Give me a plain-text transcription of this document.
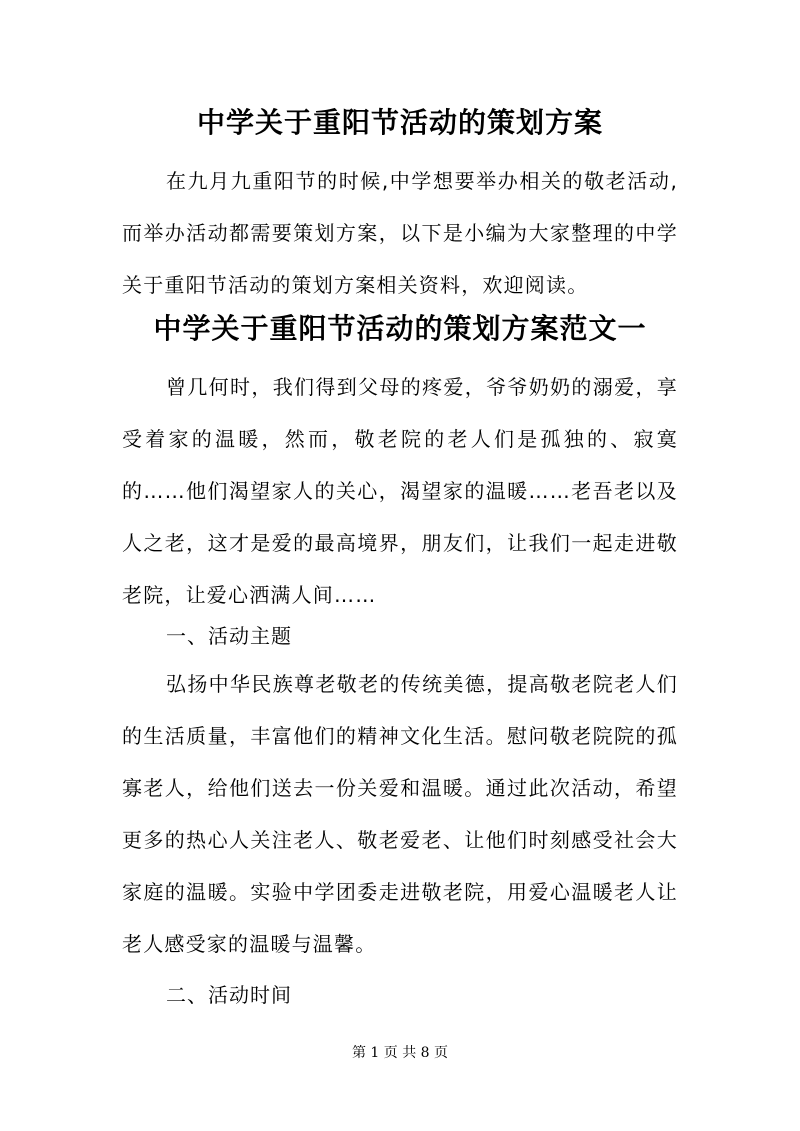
中学关于重阳节活动的策划方案

在九月九重阳节的时候,中学想要举办相关的敬老活动,而举办活动都需要策划方案，以下是小编为大家整理的中学关于重阳节活动的策划方案相关资料，欢迎阅读。

中学关于重阳节活动的策划方案范文一

曾几何时，我们得到父母的疼爱，爷爷奶奶的溺爱，享受着家的温暖，然而，敬老院的老人们是孤独的、寂寞的……他们渴望家人的关心，渴望家的温暖……老吾老以及人之老，这才是爱的最高境界，朋友们，让我们一起走进敬老院，让爱心洒满人间……

一、活动主题

弘扬中华民族尊老敬老的传统美德，提高敬老院老人们的生活质量，丰富他们的精神文化生活。慰问敬老院院的孤寡老人，给他们送去一份关爱和温暖。通过此次活动，希望更多的热心人关注老人、敬老爱老、让他们时刻感受社会大家庭的温暖。实验中学团委走进敬老院，用爱心温暖老人让老人感受家的温暖与温馨。

二、活动时间
第 1 页 共 8 页
